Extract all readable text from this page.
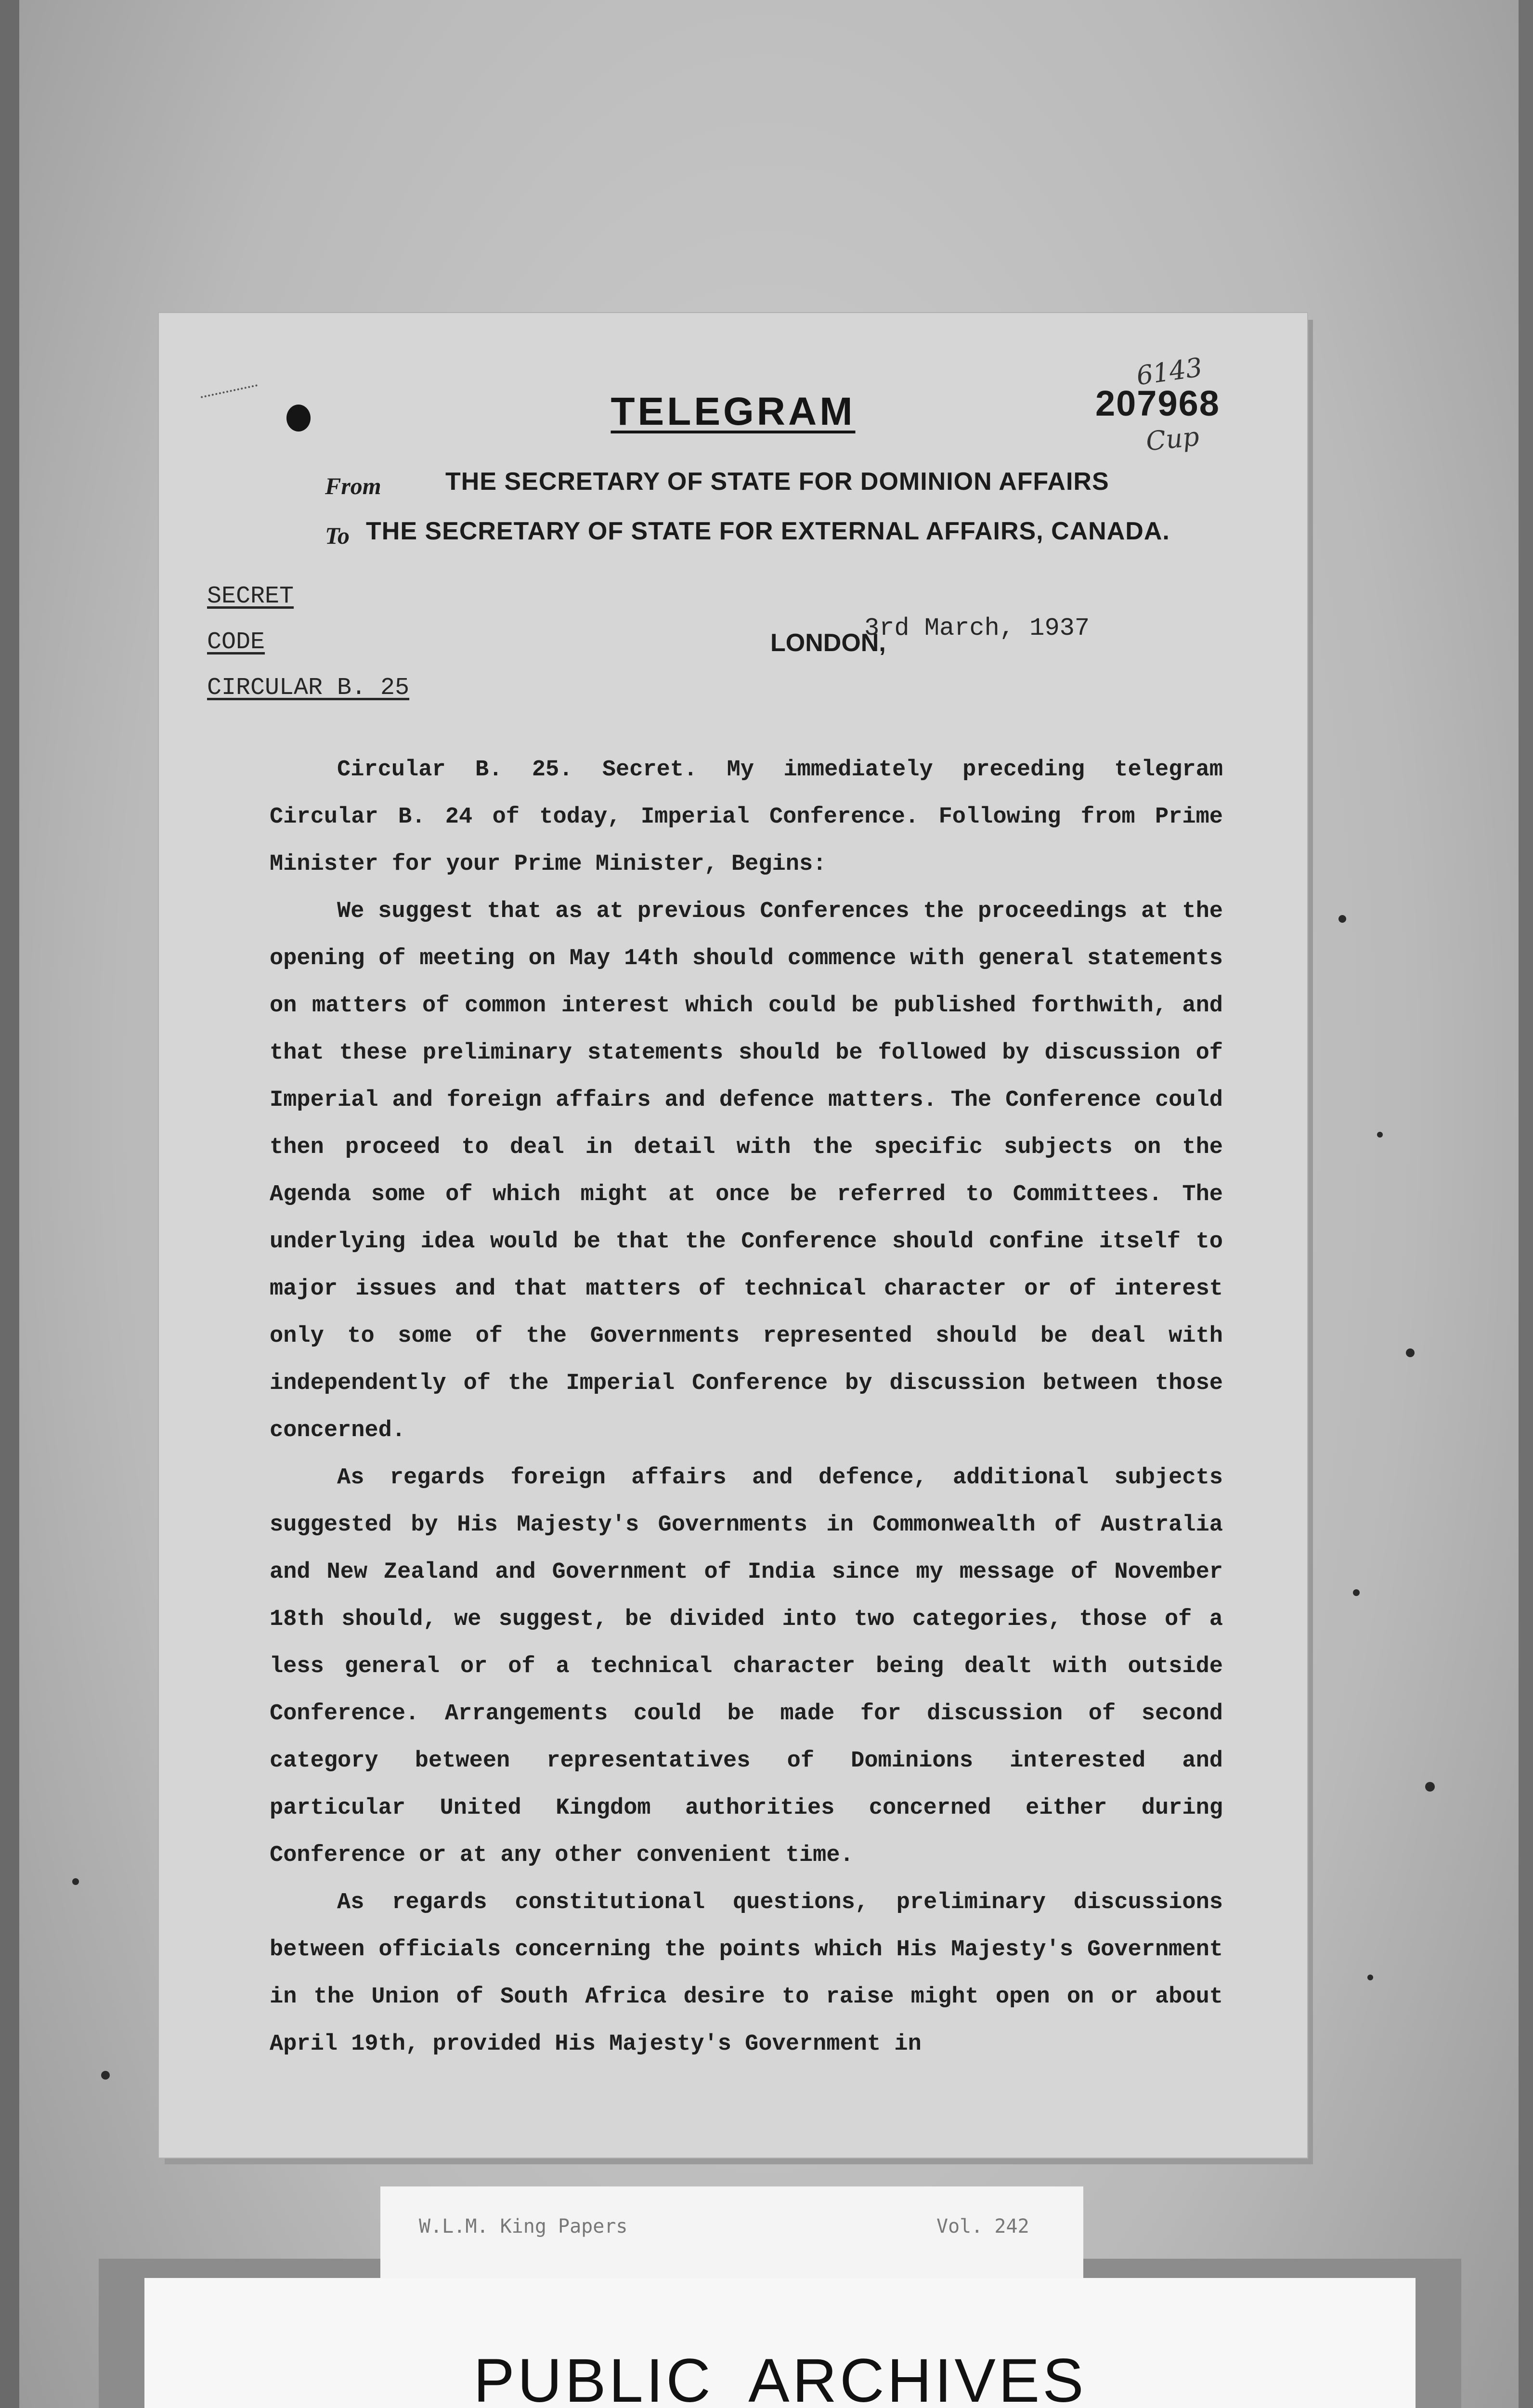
TELEGRAM	207968
6143
Cup
From	THE SECRETARY OF STATE FOR DOMINION AFFAIRS
To THE SECRETARY OF STATE FOR EXTERNAL AFFAIRS, CANADA.
SECRET
CODE
CIRCULAR B. 25
LONDON,
3rd March, 1937

Circular B. 25. Secret. My immediately preceding telegram Circular B. 24 of today, Imperial Conference. Following from Prime Minister for your Prime Minister, Begins:

We suggest that as at previous Conferences the proceedings at the opening of meeting on May 14th should commence with general statements on matters of common interest which could be published forthwith, and that these preliminary statements should be followed by discussion of Imperial and foreign affairs and defence matters. The Conference could then proceed to deal in detail with the specific subjects on the Agenda some of which might at once be referred to Committees. The underlying idea would be that the Conference should confine itself to major issues and that matters of technical character or of interest only to some of the Governments represented should be deal with independently of the Imperial Conference by discussion between those concerned.

As regards foreign affairs and defence, additional subjects suggested by His Majesty's Governments in Commonwealth of Australia and New Zealand and Government of India since my message of November 18th should, we suggest, be divided into two categories, those of a less general or of a technical character being dealt with outside Conference. Arrangements could be made for discussion of second category between representatives of Dominions interested and particular United Kingdom authorities concerned either during Conference or at any other convenient time.

As regards constitutional questions, preliminary discussions between officials concerning the points which His Majesty's Government in the Union of South Africa desire to raise might open on or about April 19th, provided His Majesty's Government in

W.L.M. King Papers	Vol. 242
PUBLIC ARCHIVES
